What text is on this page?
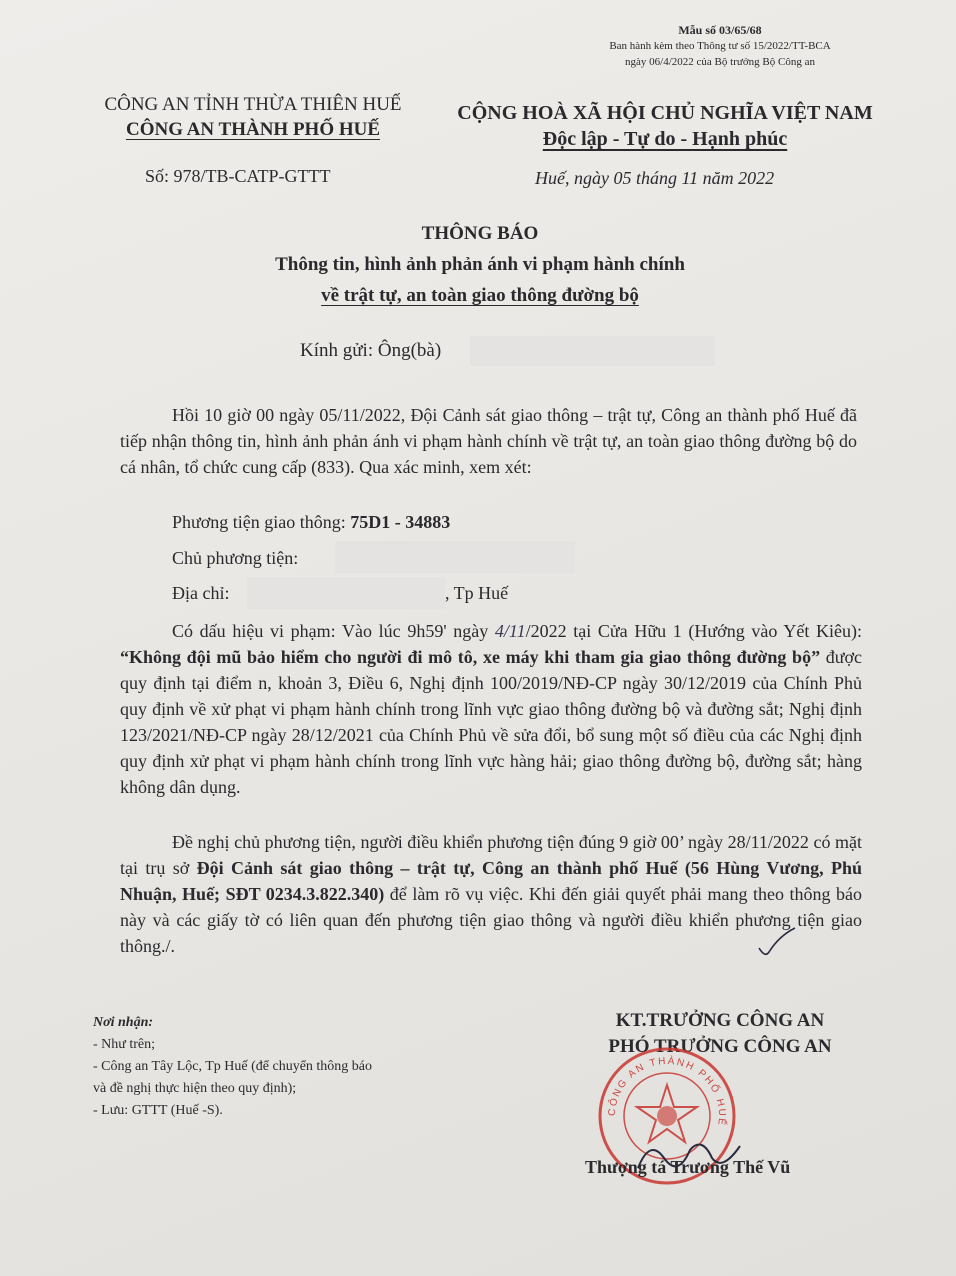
Mẫu số 03/65/68
Ban hành kèm theo Thông tư số 15/2022/TT-BCA
ngày 06/4/2022 của Bộ trưởng Bộ Công an
CÔNG AN TỈNH THỪA THIÊN HUẾ
CÔNG AN THÀNH PHỐ HUẾ
CỘNG HOÀ XÃ HỘI CHỦ NGHĨA VIỆT NAM
Độc lập - Tự do - Hạnh phúc
Số: 978/TB-CATP-GTTT	Huế, ngày 05 tháng 11 năm 2022
THÔNG BÁO
Thông tin, hình ảnh phản ánh vi phạm hành chính
về trật tự, an toàn giao thông đường bộ
Kính gửi: Ông(bà)
Hồi 10 giờ 00 ngày 05/11/2022, Đội Cảnh sát giao thông – trật tự, Công an thành phố Huế đã tiếp nhận thông tin, hình ảnh phản ánh vi phạm hành chính về trật tự, an toàn giao thông đường bộ do cá nhân, tổ chức cung cấp (833). Qua xác minh, xem xét:
Phương tiện giao thông: 75D1 - 34883
Chủ phương tiện:
Địa chỉ:	, Tp Huế
Có dấu hiệu vi phạm: Vào lúc 9h59' ngày 4/11/2022 tại Cửa Hữu 1 (Hướng vào Yết Kiêu): “Không đội mũ bảo hiểm cho người đi mô tô, xe máy khi tham gia giao thông đường bộ” được quy định tại điểm n, khoản 3, Điều 6, Nghị định 100/2019/NĐ-CP ngày 30/12/2019 của Chính Phủ quy định về xử phạt vi phạm hành chính trong lĩnh vực giao thông đường bộ và đường sắt; Nghị định 123/2021/NĐ-CP ngày 28/12/2021 của Chính Phủ về sửa đổi, bổ sung một số điều của các Nghị định quy định xử phạt vi phạm hành chính trong lĩnh vực hàng hải; giao thông đường bộ, đường sắt; hàng không dân dụng.
Đề nghị chủ phương tiện, người điều khiển phương tiện đúng 9 giờ 00’ ngày 28/11/2022 có mặt tại trụ sở Đội Cảnh sát giao thông – trật tự, Công an thành phố Huế (56 Hùng Vương, Phú Nhuận, Huế; SĐT 0234.3.822.340) để làm rõ vụ việc. Khi đến giải quyết phải mang theo thông báo này và các giấy tờ có liên quan đến phương tiện giao thông và người điều khiển phương tiện giao thông./.
Nơi nhận:
- Như trên;
- Công an Tây Lộc, Tp Huế (để chuyển thông báo
và đề nghị thực hiện theo quy định);
- Lưu: GTTT (Huế -S).
KT.TRƯỞNG CÔNG AN
PHÓ TRƯỞNG CÔNG AN
CÔNG AN THÀNH PHỐ HUẾ
Thượng tá Trương Thế Vũ
